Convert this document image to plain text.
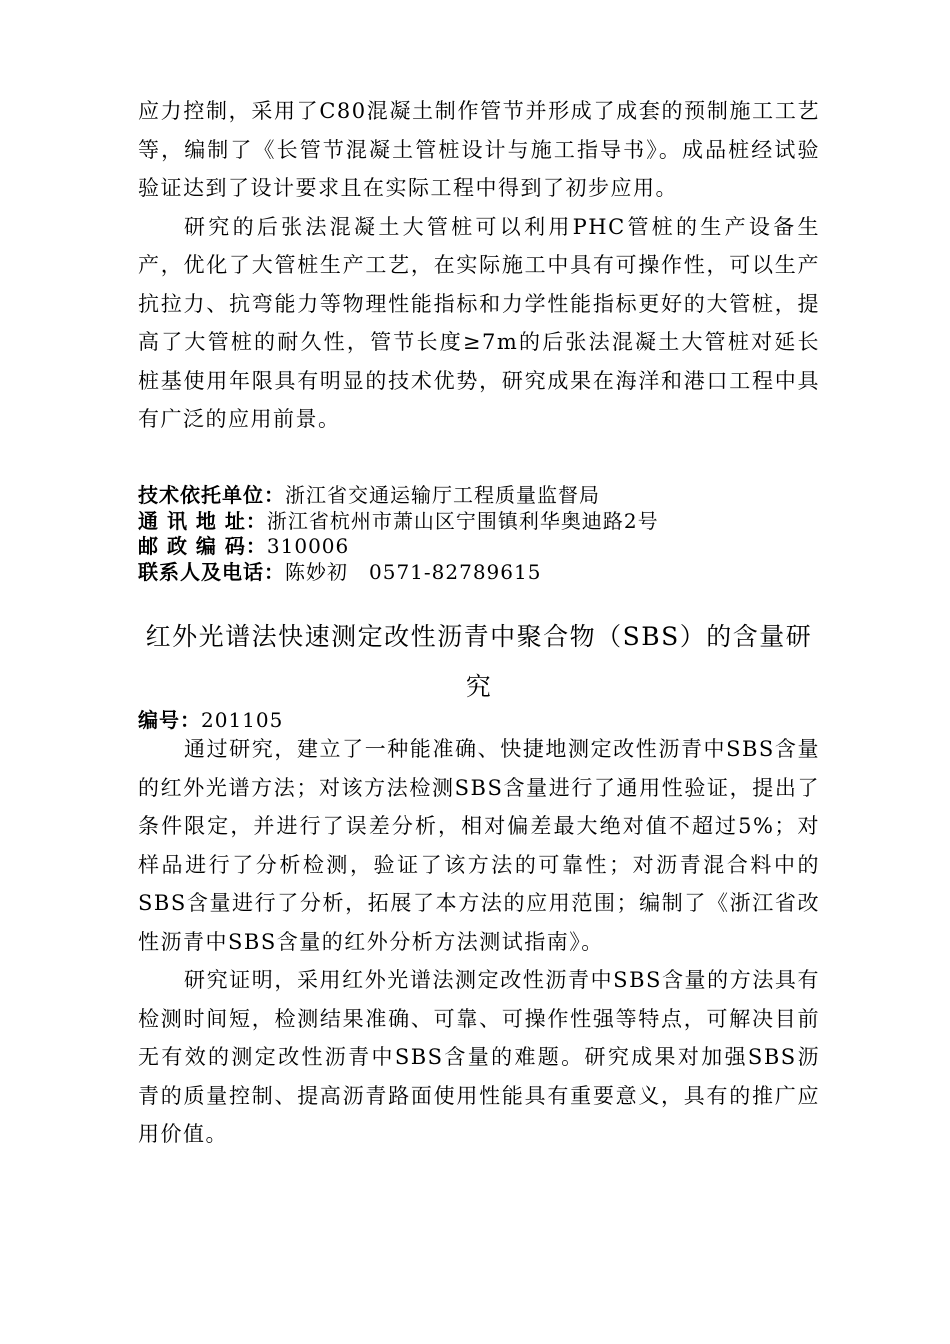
应力控制，采用了C80混凝土制作管节并形成了成套的预制施工工艺等，编制了《长管节混凝土管桩设计与施工指导书》。成品桩经试验验证达到了设计要求且在实际工程中得到了初步应用。

研究的后张法混凝土大管桩可以利用PHC管桩的生产设备生产，优化了大管桩生产工艺，在实际施工中具有可操作性，可以生产抗拉力、抗弯能力等物理性能指标和力学性能指标更好的大管桩，提高了大管桩的耐久性，管节长度≥7m的后张法混凝土大管桩对延长桩基使用年限具有明显的技术优势，研究成果在海洋和港口工程中具有广泛的应用前景。

技术依托单位：浙江省交通运输厅工程质量监督局
通 讯 地 址：浙江省杭州市萧山区宁围镇利华奥迪路2号
邮 政 编 码：310006
联系人及电话：陈妙初　0571-82789615
红外光谱法快速测定改性沥青中聚合物（SBS）的含量研究
编号：201105

通过研究，建立了一种能准确、快捷地测定改性沥青中SBS含量的红外光谱方法；对该方法检测SBS含量进行了通用性验证，提出了条件限定，并进行了误差分析，相对偏差最大绝对值不超过5%；对样品进行了分析检测，验证了该方法的可靠性；对沥青混合料中的SBS含量进行了分析，拓展了本方法的应用范围；编制了《浙江省改性沥青中SBS含量的红外分析方法测试指南》。

研究证明，采用红外光谱法测定改性沥青中SBS含量的方法具有检测时间短，检测结果准确、可靠、可操作性强等特点，可解决目前无有效的测定改性沥青中SBS含量的难题。研究成果对加强SBS沥青的质量控制、提高沥青路面使用性能具有重要意义，具有的推广应用价值。
